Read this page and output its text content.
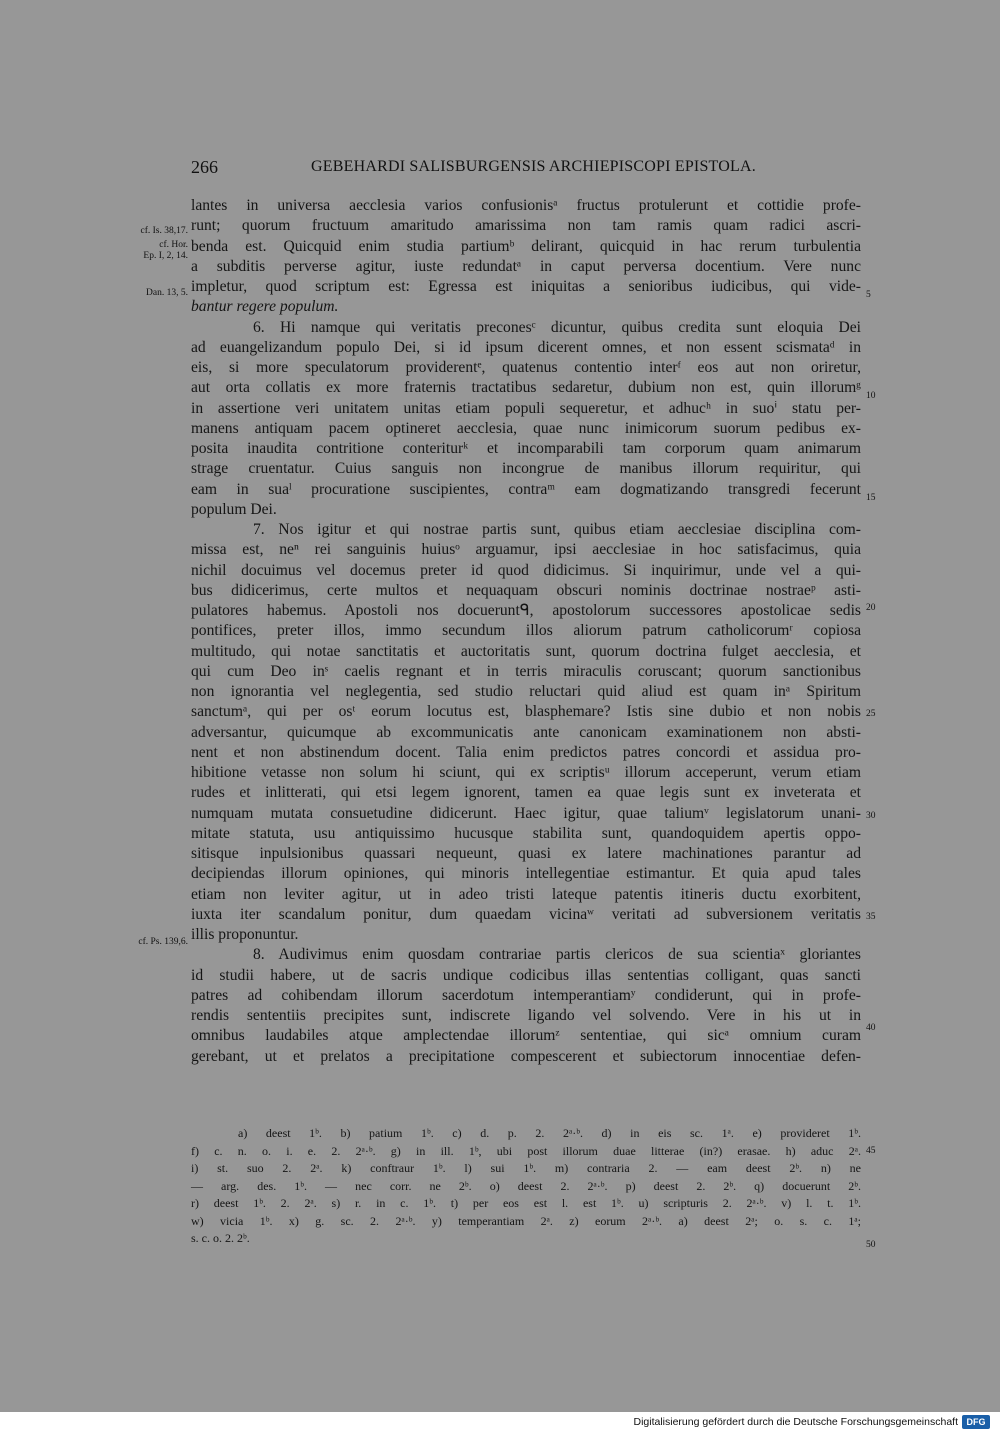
266	GEBEHARDI SALISBURGENSIS ARCHIEPISCOPI EPISTOLA.
lantes in universa aecclesia varios confusionisᵃ fructus protulerunt et cottidie profe-
runt; quorum fructuum amaritudo amarissima non tam ramis quam radici ascri-
benda est. Quicquid enim studia partiumᵇ delirant, quicquid in hac rerum turbulentia
a subditis perverse agitur, iuste redundatᵃ in caput perversa docentium. Vere nunc
impletur, quod scriptum est: Egressa est iniquitas a senioribus iudicibus, qui vide-
bantur regere populum.
6. Hi namque qui veritatis preconesᶜ dicuntur, quibus credita sunt eloquia Dei
ad euangelizandum populo Dei, si id ipsum dicerent omnes, et non essent scismataᵈ in
eis, si more speculatorum providerentᵉ, quatenus contentio interᶠ eos aut non oriretur,
aut orta collatis ex more fraternis tractatibus sedaretur, dubium non est, quin illorumᵍ
in assertione veri unitatem unitas etiam populi sequeretur, et adhucʰ in suoⁱ statu per-
manens antiquam pacem optineret aecclesia, quae nunc inimicorum suorum pedibus ex-
posita inaudita contritione conteriturᵏ et incomparabili tam corporum quam animarum
strage cruentatur. Cuius sanguis non incongrue de manibus illorum requiritur, qui
eam in suaˡ procuratione suscipientes, contraᵐ eam dogmatizando transgredi fecerunt
populum Dei.
7. Nos igitur et qui nostrae partis sunt, quibus etiam aecclesiae disciplina com-
missa est, neⁿ rei sanguinis huiusᵒ arguamur, ipsi aecclesiae in hoc satisfacimus, quia
nichil docuimus vel docemus preter id quod didicimus. Si inquirimur, unde vel a qui-
bus didicerimus, certe multos et nequaquam obscuri nominis doctrinae nostraeᵖ asti-
pulatores habemus. Apostoli nos docueruntᑫ, apostolorum successores apostolicae sedis
pontifices, preter illos, immo secundum illos aliorum patrum catholicorumʳ copiosa
multitudo, qui notae sanctitatis et auctoritatis sunt, quorum doctrina fulget aecclesia, et
qui cum Deo inˢ caelis regnant et in terris miraculis coruscant; quorum sanctionibus
non ignorantia vel neglegentia, sed studio reluctari quid aliud est quam inᵃ Spiritum
sanctumᵃ, qui per osᵗ eorum locutus est, blasphemare? Istis sine dubio et non nobis
adversantur, quicumque ab excommunicatis ante canonicam examinationem non absti-
nent et non abstinendum docent. Talia enim predictos patres concordi et assidua pro-
hibitione vetasse non solum hi sciunt, qui ex scriptisᵘ illorum acceperunt, verum etiam
rudes et inlitterati, qui etsi legem ignorent, tamen ea quae legis sunt ex inveterata et
numquam mutata consuetudine didicerunt. Haec igitur, quae taliumᵛ legislatorum unani-
mitate statuta, usu antiquissimo hucusque stabilita sunt, quandoquidem apertis oppo-
sitisque inpulsionibus quassari nequeunt, quasi ex latere machinationes parantur ad
decipiendas illorum opiniones, qui minoris intellegentiae estimantur. Et quia apud tales
etiam non leviter agitur, ut in adeo tristi lateque patentis itineris ductu exorbitent,
iuxta iter scandalum ponitur, dum quaedam vicinaʷ veritati ad subversionem veritatis
illis proponuntur.
8. Audivimus enim quosdam contrariae partis clericos de sua scientiaˣ gloriantes
id studii habere, ut de sacris undique codicibus illas sententias colligant, quas sancti
patres ad cohibendam illorum sacerdotum intemperantiamʸ condiderunt, qui in profe-
rendis sententiis precipites sunt, indiscrete ligando vel solvendo. Vere in his ut in
omnibus laudabiles atque amplectendae illorumᶻ sententiae, qui sicᵃ omnium curam
gerebant, ut et prelatos a precipitatione compescerent et subiectorum innocentiae defen-
cf. Is. 38,17.
cf. Hor.
Ep. I, 2, 14.
Dan. 13, 5.
cf. Ps. 139,6.
5
10
15
20
25
30
35
40
45
50
a) deest 1ᵇ. b) patium 1ᵇ. c) d. p. 2. 2ᵃ·ᵇ. d) in eis sc. 1ᵃ. e) provideret 1ᵇ.
f) c. n. o. i. e. 2. 2ᵃ·ᵇ. g) in ill. 1ᵇ, ubi post illorum duae litterae (in?) erasae. h) aduc 2ᵃ.
i) st. suo 2. 2ᵃ. k) conftraur 1ᵇ. l) sui 1ᵇ. m) contraria 2. — eam deest 2ᵇ. n) ne
— arg. des. 1ᵇ. — nec corr. ne 2ᵇ. o) deest 2. 2ᵃ·ᵇ. p) deest 2. 2ᵇ. q) docuerunt 2ᵇ.
r) deest 1ᵇ. 2. 2ᵃ. s) r. in c. 1ᵇ. t) per eos est l. est 1ᵇ. u) scripturis 2. 2ᵃ·ᵇ. v) l. t. 1ᵇ.
w) vicia 1ᵇ. x) g. sc. 2. 2ᵃ·ᵇ. y) temperantiam 2ᵃ. z) eorum 2ᵃ·ᵇ. a) deest 2ᵃ; o. s. c. 1ᵃ;
s. c. o. 2. 2ᵇ.
Digitalisierung gefördert durch die Deutsche Forschungsgemeinschaft DFG
